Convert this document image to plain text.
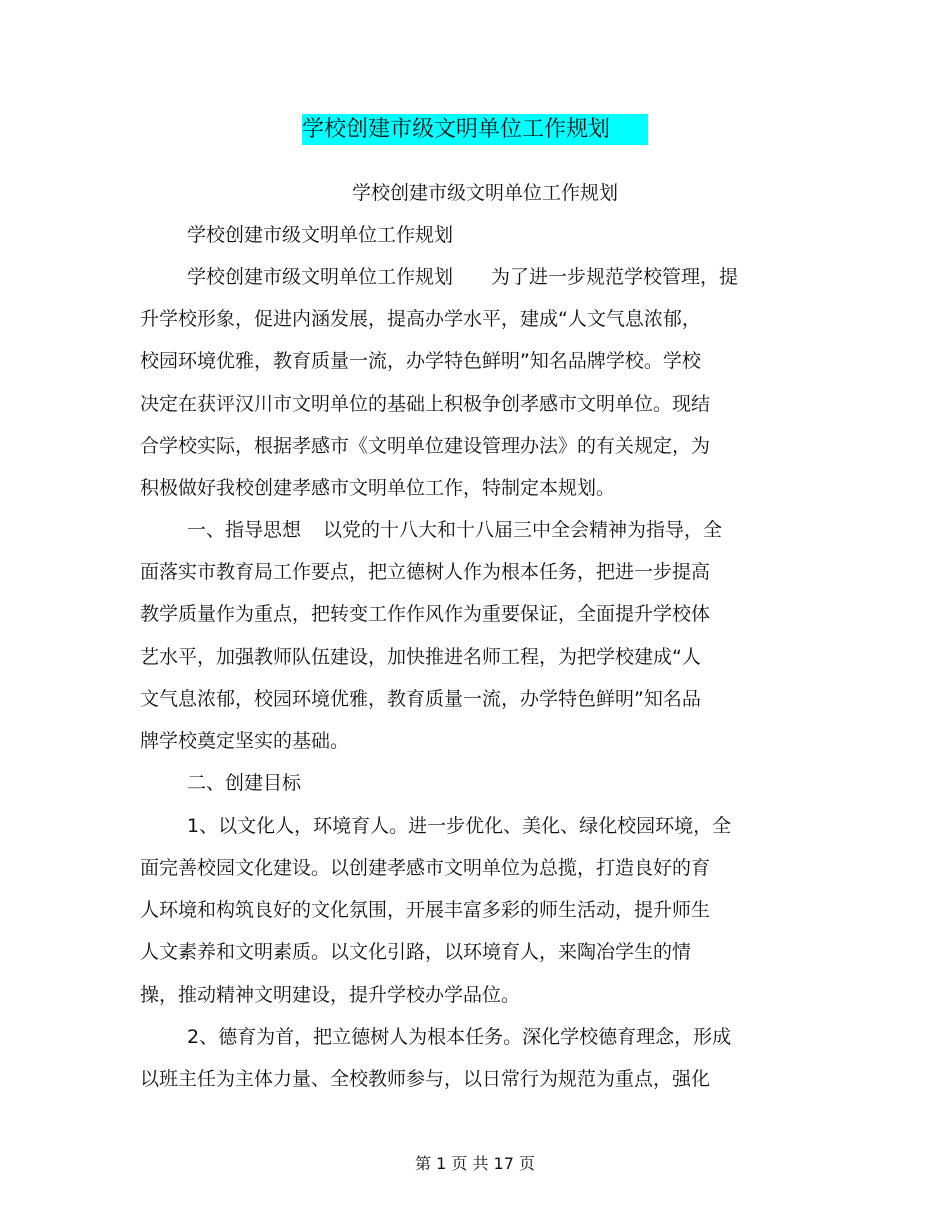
学校创建市级文明单位工作规划
学校创建市级文明单位工作规划
学校创建市级文明单位工作规划
学校创建市级文明单位工作规划 为了进一步规范学校管理，提
升学校形象，促进内涵发展，提高办学水平，建成“人文气息浓郁，
校园环境优雅，教育质量一流，办学特色鲜明”知名品牌学校。学校
决定在获评汉川市文明单位的基础上积极争创孝感市文明单位。现结
合学校实际，根据孝感市《文明单位建设管理办法》的有关规定，为
积极做好我校创建孝感市文明单位工作，特制定本规划。
一、指导思想 以党的十八大和十八届三中全会精神为指导，全
面落实市教育局工作要点，把立德树人作为根本任务，把进一步提高
教学质量作为重点，把转变工作作风作为重要保证，全面提升学校体
艺水平，加强教师队伍建设，加快推进名师工程，为把学校建成“人
文气息浓郁，校园环境优雅，教育质量一流，办学特色鲜明”知名品
牌学校奠定坚实的基础。
二、创建目标
1、以文化人，环境育人。进一步优化、美化、绿化校园环境，全
面完善校园文化建设。以创建孝感市文明单位为总揽，打造良好的育
人环境和构筑良好的文化氛围，开展丰富多彩的师生活动，提升师生
人文素养和文明素质。以文化引路，以环境育人，来陶冶学生的情
操，推动精神文明建设，提升学校办学品位。
2、德育为首，把立德树人为根本任务。深化学校德育理念，形成
以班主任为主体力量、全校教师参与，以日常行为规范为重点，强化
第 1 页 共 17 页
